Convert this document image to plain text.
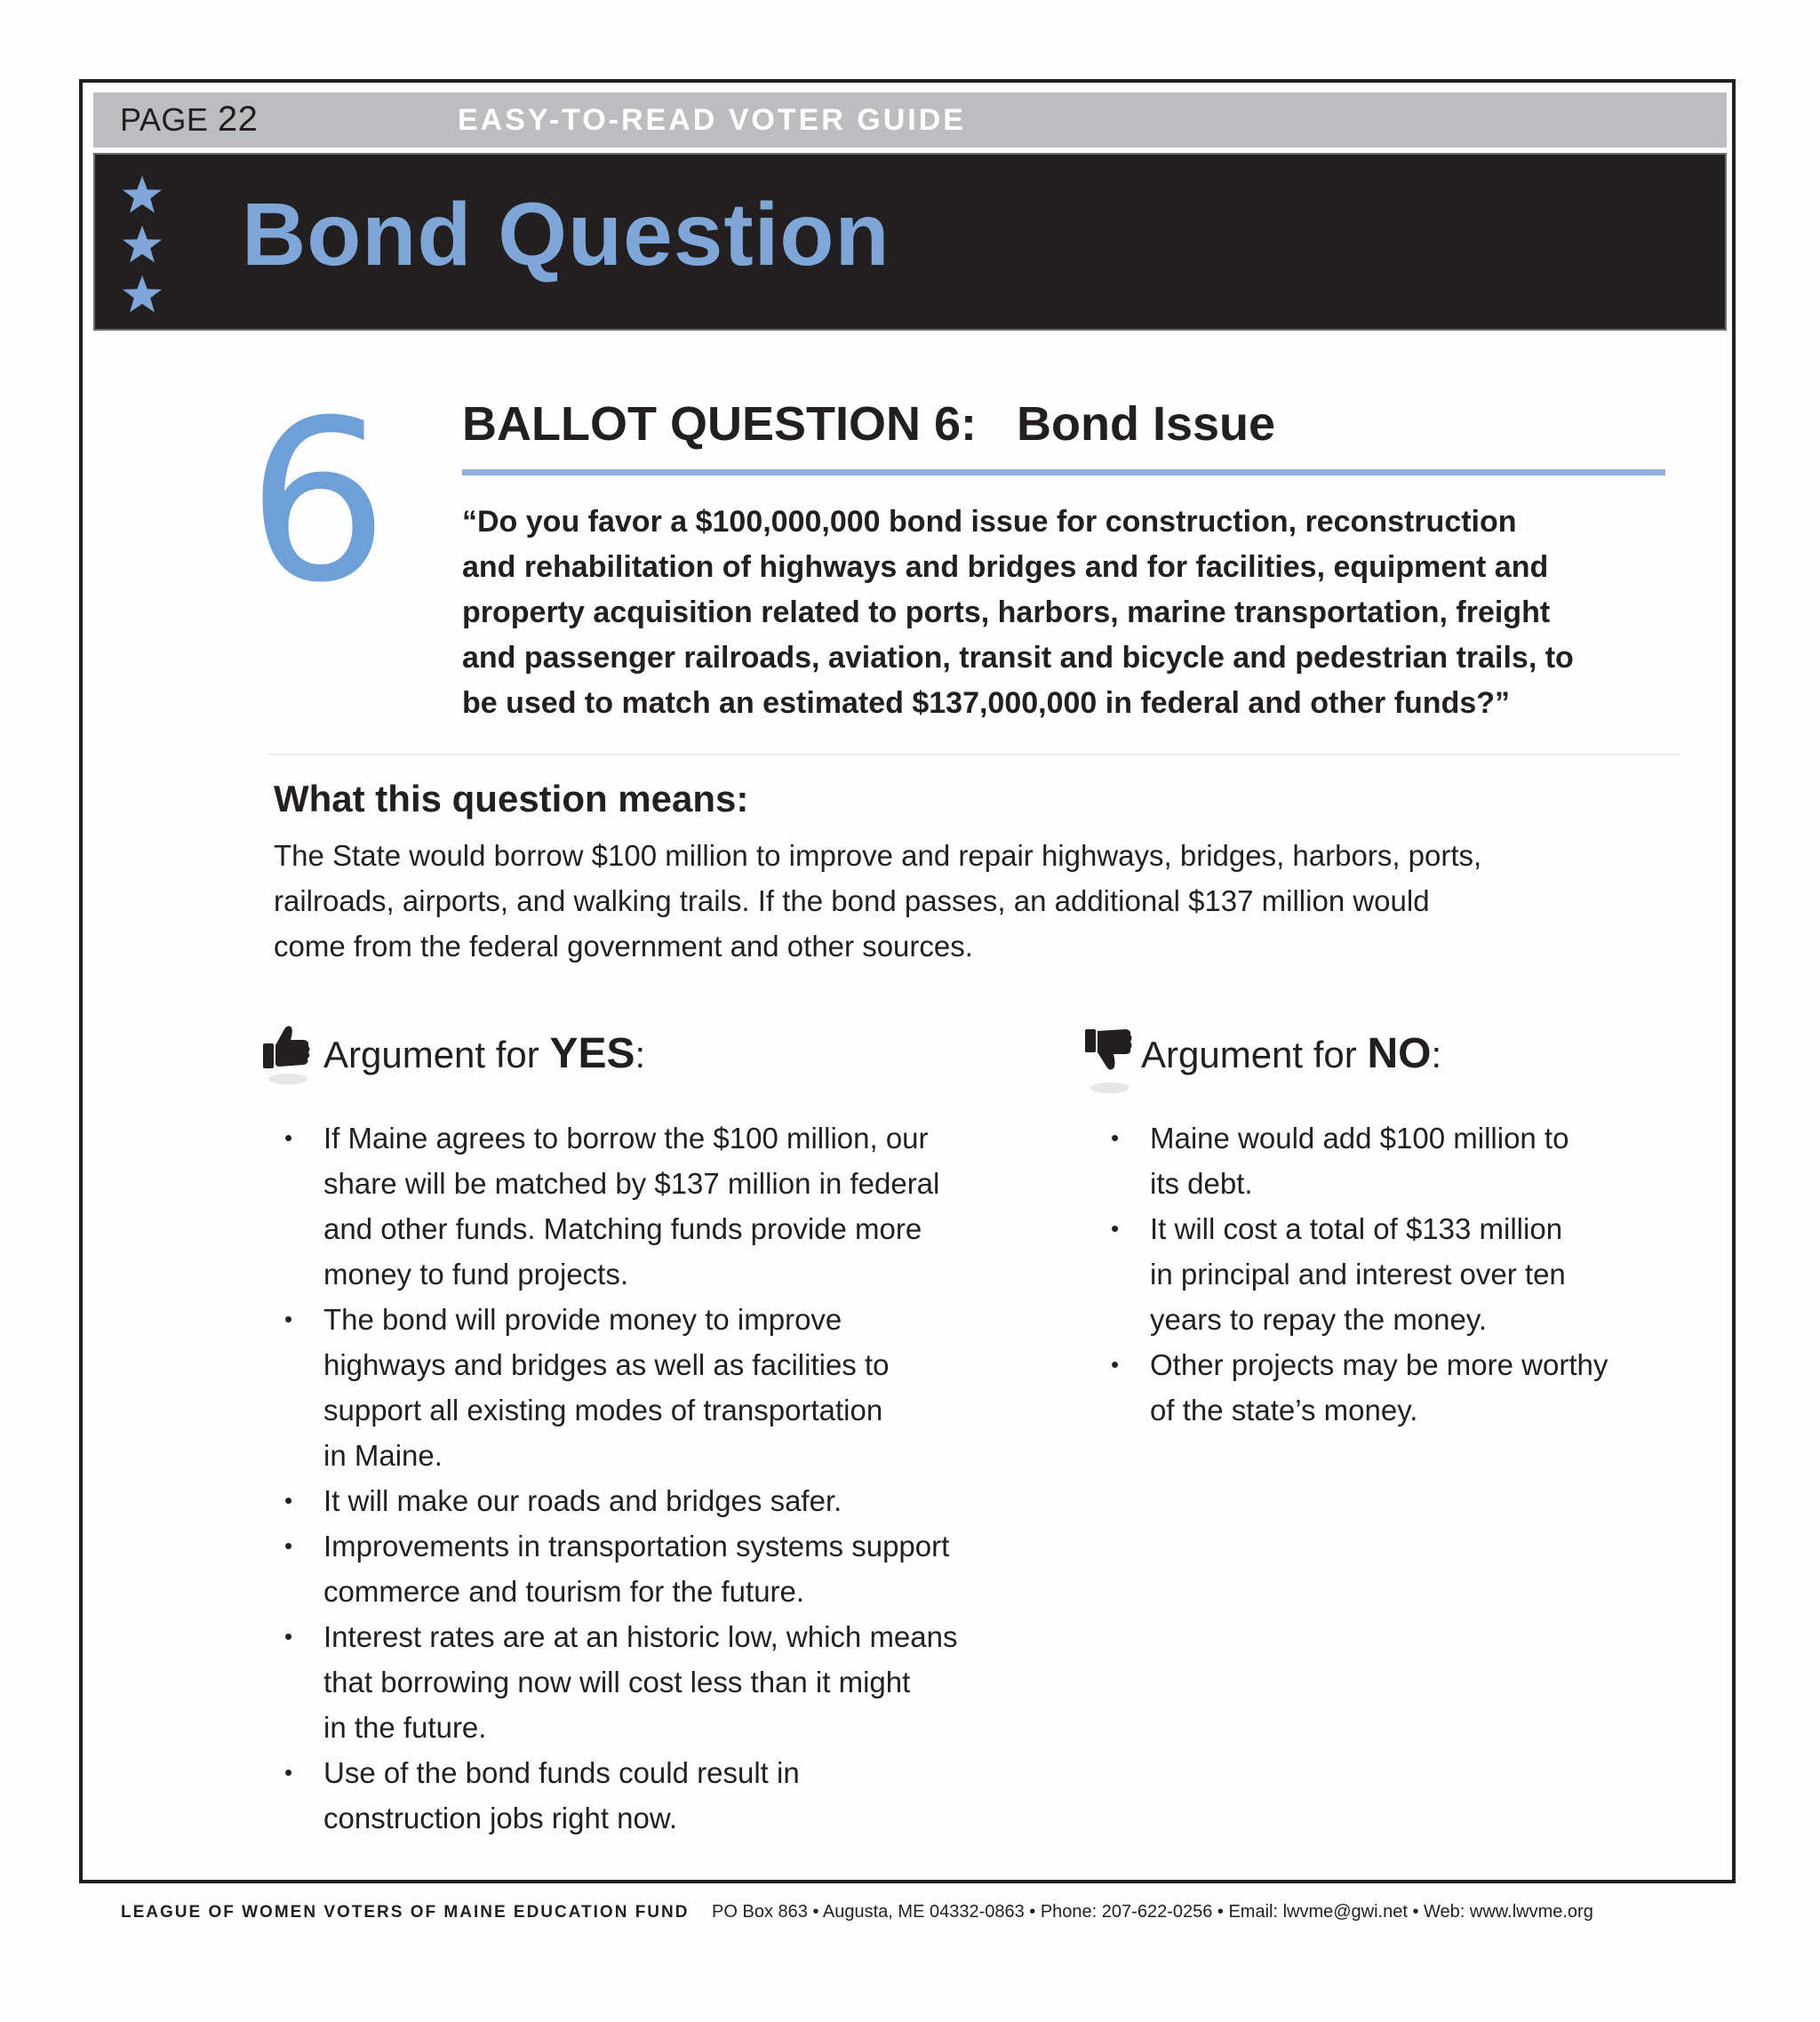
PAGE 22	EASY-TO-READ VOTER GUIDE
Bond Question
6 BALLOT QUESTION 6:   Bond Issue
“Do you favor a $100,000,000 bond issue for construction, reconstruction
and rehabilitation of highways and bridges and for facilities, equipment and
property acquisition related to ports, harbors, marine transportation, freight
and passenger railroads, aviation, transit and bicycle and pedestrian trails, to
be used to match an estimated $137,000,000 in federal and other funds?”
What this question means:
The State would borrow $100 million to improve and repair highways, bridges, harbors, ports,
railroads, airports, and walking trails. If the bond passes, an additional $137 million would
come from the federal government and other sources.
Argument for YES:
• If Maine agrees to borrow the $100 million, our
share will be matched by $137 million in federal
and other funds. Matching funds provide more
money to fund projects.
• The bond will provide money to improve
highways and bridges as well as facilities to
support all existing modes of transportation
in Maine.
• It will make our roads and bridges safer.
• Improvements in transportation systems support
commerce and tourism for the future.
• Interest rates are at an historic low, which means
that borrowing now will cost less than it might
in the future.
• Use of the bond funds could result in
construction jobs right now.
Argument for NO:
• Maine would add $100 million to
its debt.
• It will cost a total of $133 million
in principal and interest over ten
years to repay the money.
• Other projects may be more worthy
of the state’s money.
LEAGUE OF WOMEN VOTERS OF MAINE EDUCATION FUND PO Box 863 • Augusta, ME 04332-0863 • Phone: 207-622-0256 • Email: lwvme@gwi.net • Web: www.lwvme.org
